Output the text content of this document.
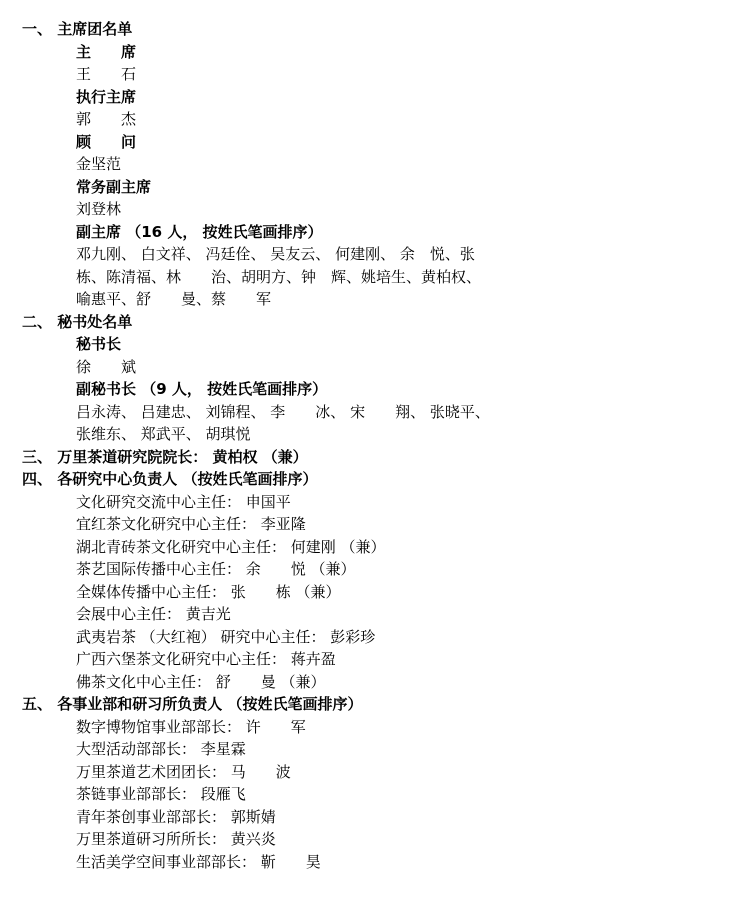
一、 主席团名单
主　　席
王　　石
执行主席
郭　　杰
顾　　问
金坚范
常务副主席
刘登林
副主席 （16 人， 按姓氏笔画排序）
邓九刚、 白文祥、 冯廷佺、 吴友云、 何建刚、 余　悦、张
栋、陈清福、林　　治、胡明方、钟　辉、姚培生、黄柏权、
喻惠平、舒　　曼、蔡　　军
二、 秘书处名单
秘书长
徐　　斌
副秘书长 （9 人， 按姓氏笔画排序）
吕永涛、 吕建忠、 刘锦程、 李　　冰、 宋　　翔、 张晓平、
张维东、 郑武平、 胡琪悦
三、 万里茶道研究院院长： 黄柏权 （兼）
四、 各研究中心负责人 （按姓氏笔画排序）
文化研究交流中心主任： 申国平
宜红茶文化研究中心主任： 李亚隆
湖北青砖茶文化研究中心主任： 何建刚 （兼）
茶艺国际传播中心主任： 余　　悦 （兼）
全媒体传播中心主任： 张　　栋 （兼）
会展中心主任： 黄吉光
武夷岩茶 （大红袍） 研究中心主任： 彭彩珍
广西六堡茶文化研究中心主任： 蒋卉盈
佛茶文化中心主任： 舒　　曼 （兼）
五、 各事业部和研习所负责人 （按姓氏笔画排序）
数字博物馆事业部部长： 许　　军
大型活动部部长： 李星霖
万里茶道艺术团团长： 马　　波
茶链事业部部长： 段雁飞
青年茶创事业部部长： 郭斯婧
万里茶道研习所所长： 黄兴炎
生活美学空间事业部部长： 靳　　昊
